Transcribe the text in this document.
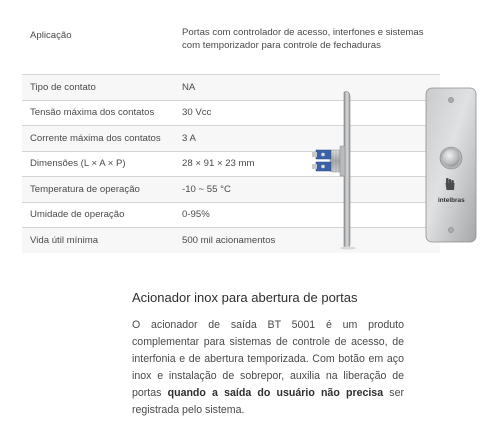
Aplicação	Portas com controlador de acesso, interfones e sistemas com temporizador para controle de fechaduras
Tipo de contato	NA
Tensão máxima dos contatos	30 Vcc
Corrente máxima dos contatos	3 A
Dimensões (L × A × P)	28 × 91 × 23 mm
Temperatura de operação	-10 ~ 55 °C
Umidade de operação	0-95%
Vida útil mínima	500 mil acionamentos
intelbras
· · · ·
Acionador inox para abertura de portas

O acionador de saída BT 5001 é um produto complementar para sistemas de controle de acesso, de interfonia e de abertura temporizada. Com botão em aço inox e instalação de sobrepor, auxilia na liberação de portas quando a saída do usuário não precisa ser registrada pelo sistema.
